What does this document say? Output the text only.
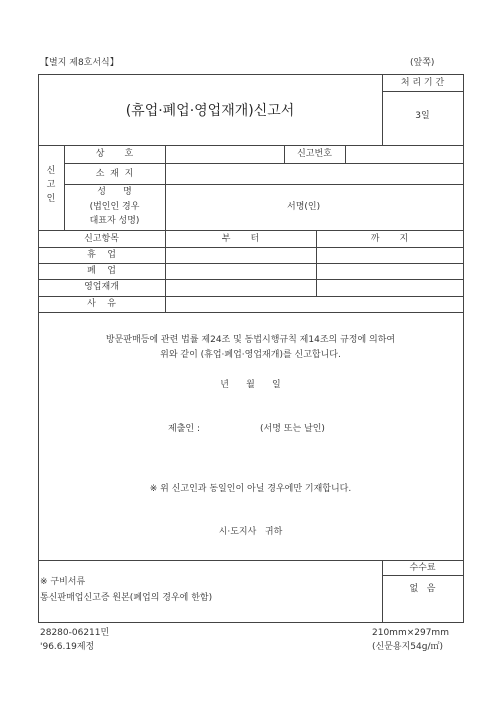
【별지 제8호서식】	(앞쪽)
(휴업·폐업·영업재개)신고서
처 리 기 간
3일
신
고
인
상       호	신고번호
소  재  지
성      명
(법인인 경우
대표자 성명)
서명(인)
신고항목	부       터	까       지
휴    업
폐    업
영업재개
사    유
방문판매등에 관련 법률 제24조 및 동법시행규칙 제14조의 규정에 의하여
위와 같이 (휴업·폐업·영업재개)를 신고합니다.
년      월      일
제출인 :	(서명 또는 날인)
※ 위 신고인과 동일인이 아닐 경우에만 기재합니다.
시·도지사   귀하
※ 구비서류
통신판매업신고증 원본(폐업의 경우에 한함)
수수료
없   음
28280-06211민
'96.6.19제정
210mm×297mm
(신문용지54g/㎡)
